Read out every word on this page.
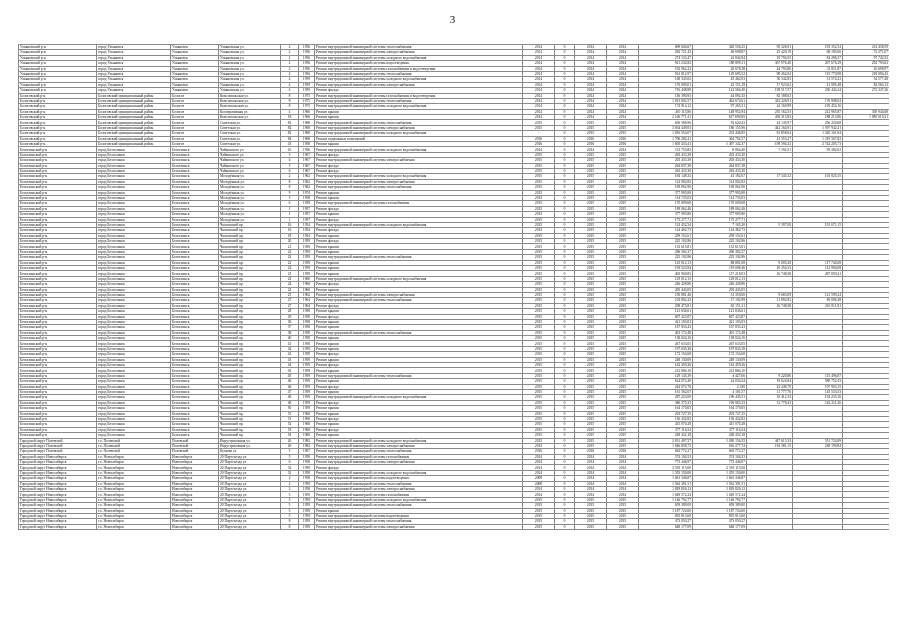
3
Ульяновский р-н	город Ульяновск	Ульяновск	Ульяновская ул.	2	1956	Ремонт внутридомовой инженерной системы теплоснабжения	2014	0	2014	2014	609 604,67	320 536,25	95 326,91	193 352,54	214 438,59
Ульяновский р-н	город Ульяновск	Ульяновск	Ульяновская ул.	2	1956	Ремонт внутридомовой инженерной системы электроснабжения	2014	0	2014	2014	282 721,43	48 698,87	25 420,19	68 185,66	72 271,07
Ульяновский р-н	город Ульяновск	Ульяновск	Ульяновская ул.	2	1956	Ремонт внутридомовой инженерной системы холодного водоснабжения	2014	0	2014	2014	274 133,47	24 844,94	19 794,55	82 296,37	97 742,52
Ульяновский р-н	город Ульяновск	Ульяновск	Ульяновская ул.	2	1956	Ремонт внутридомовой инженерной системы водоотведения	2014	0	2014	2014	921 232,82	180 809,11	307 976,40	207 676,29	292 793,02
Ульяновский р-н	город Ульяновск	Ульяновск	Ульяновская ул.	2	1956	Ремонт внутридомовой инженерной системы газоснабжения и водоотведения	2014	0	2014	2014	192 962,23	20 678,38	44 793,86	31 811,87	16 698,97
Ульяновский р-н	город Ульяновск	Ульяновск	Ульяновская ул.	2	1956	Ремонт внутридомовой инженерной системы теплоснабжения	2014	0	2014	2014	561 812,97	129 685,52	98 262,04	115 770,98	218 094,43
Ульяновский р-н	город Ульяновск	Ульяновск	Ульяновская ул.	4	1959	Ремонт внутридомовой инженерной системы холодного водоснабжения	2014	0	2014	2014	168 345,02	45 462,03	30 342,83	31 574,23	54 577,48
Ульяновский р-н	город Ульяновск	Ульяновск	Ульяновская ул.	4	1959	Ремонт внутридомовой инженерной системы электроснабжения	2014	0	2014	2014	176 000,01	42 151,29	17 923,62	41 985,48	84 564,12
Ульяновский р-н	город Ульяновск	Ульяновск	Ульяновская ул.	4	1959	Ремонт фасада	2014	0	2014	2014	716 448,88	122 566,40	109 517,57	230 442,24	272 347,26
Бологовский р-н	Бологовский муниципальный район	Бологое	Комсомольская ул.	8	1975	Ремонт внутридомовой инженерной системы газоснабжения и водоотведения	2014	0	2014	2014	156 390,93	44 092,45	82 188,02		
Бологовский р-н	Бологовский муниципальный район	Бологое	Комсомольская ул.	8	1975	Ремонт внутридомовой инженерной системы теплоснабжения	2014	0	2014	2014	1 013 802,57	462 674,61	343 326,91	176 908,02	
Бологовский р-н	Бологовский муниципальный район	Бологое	Комсомольская ул.	8	1975	Ремонт внутридомовой инженерной системы холодного водоснабжения	2014	0	2014	2014	174 914,12	97 265,31	42 160,99	105 454,16	
Бологовский р-н	Бологовский муниципальный район	Бологое	Кооперативная ул.	4	1966	Ремонт крыши	2014	0	2014	2014	410 115,86	148 952,94	235 162,53	212 965,87	350 944,68
Бологовский р-н	Бологовский муниципальный район	Бологое	Комсомольская ул.	18	1966	Ремонт крыши	2014	0	2014	2014	2 166 771,41	617 690,85	439 315,83	188 215,86	1 085 610,21
Бологовский р-н	Бологовский муниципальный район	Бологое	Советская ул.	82	1968	Ремонт внутридомовой инженерной системы теплоснабжения	2015	0	2015	2015	630 396,96	92 620,43	43 145,97	256 220,68	
Бологовский р-н	Бологовский муниципальный район	Бологое	Советская ул.	82	1968	Ремонт внутридомовой инженерной системы электроснабжения	2015	0	2015	2015	3 034 449,03	186 155,96	442 164,91	1 597 942,41	
Бологовский р-н	Бологовский муниципальный район	Бологое	Советская ул.	82	1968	Ремонт внутридомовой инженерной системы холодного водоснабжения	-	0	2015	2015	1 816 554,07	233 446,85	81 858,04	1 320 161,84	
Бологовский р-н	Бологовский муниципальный район	Бологое	Советская ул.	82	1968	Ремонт подвальных помещений	2016	0	2016	2016	1 796 282,41	364 702,57	41 353,27	1 319 567,82	
Бологовский р-н	Бологовский муниципальный район	Бологое	Советская ул.	43	1958	Ремонт крыши	2016	0	2016	2016	1 605 433,41	1 497 342,37	109 594,32	2 742 205,73	
Белоглинский р-н	город Белоглинск	Белоглинск	Чайковского ул.	16	1956	Ремонт внутридомовой инженерной системы холодного водоснабжения	2014	0	2014	2014	113 753,82	8 864,40	7 192,51	95 382,02	
Белоглинский р-н	город Белоглинск	Белоглинск	Чайковского ул.	3	1967	Ремонт фасада	2015	0	2015	2015	263 433,30	263 433,30			
Белоглинский р-н	город Белоглинск	Белоглинск	Чайковского ул.	4	1967	Ремонт внутридомовой инженерной системы электроснабжения	2015	0	2015	2015	203 433,30	203 433,30			
Белоглинский р-н	город Белоглинск	Белоглинск	Чайковского ул.	5	1967	Ремонт фасада	2015	0	2015	2015	264 837,38	264 837,38			
Белоглинский р-н	город Белоглинск	Белоглинск	Чайковского ул.	6	1967	Ремонт фасада	2015	0	2015	2015	263 433,30	263 433,30			
Белоглинский р-н	город Белоглинск	Белоглинск	Молодёжная ул.	2	1962	Ремонт внутридомовой инженерной системы холодного водоснабжения	2015	0	2015	2015	184 148,35	43 182,67	17 345,32	103 825,35	
Белоглинский р-н	город Белоглинск	Белоглинск	Молодёжная ул.	8	1962	Ремонт внутридомовой инженерной системы электроснабжения	2015	0	2015	2015	114 002,82	114 002,82			
Белоглинский р-н	город Белоглинск	Белоглинск	Молодёжная ул.	8	1962	Ремонт внутридомовой инженерной системы теплоснабжения	2015	0	2015	2015	169 062,96	169 062,96			
Белоглинский р-н	город Белоглинск	Белоглинск	Молодёжная ул.	9	1974	Ремонт крыши	2015	0	2015	2015	377 905,80	377 905,80			
Белоглинский р-н	город Белоглинск	Белоглинск	Молодёжная ул.	3	1958	Ремонт крыши	2015	0	2015	2015	114 735,03	114 735,03			
Белоглинский р-н	город Белоглинск	Белоглинск	Молодёжная ул.	6	1958	Ремонт внутридомовой инженерной системы газоснабжения	2015	0	2015	2015	170 009,68	170 009,68			
Белоглинский р-н	город Белоглинск	Белоглинск	Молодёжная ул.	1	1957	Ремонт фасада	2015	0	2015	2015	189 062,46	189 062,46			
Белоглинский р-н	город Белоглинск	Белоглинск	Молодёжная ул.	1	1957	Ремонт крыши	2015	0	2015	2015	377 905,80	377 905,80			
Белоглинский р-н	город Белоглинск	Белоглинск	Молодёжная ул.	1	1957	Ремонт фасада	2015	0	2015	2015	175 277,71	175 277,71			
Белоглинский р-н	город Белоглинск	Белоглинск	Чкаловский пр.	16	1954	Ремонт внутридомовой инженерной системы холодного водоснабжения	2015	0	2015	2015	114 452,54	7 165,20	5 397,00	101 671,15	
Белоглинский р-н	город Белоглинск	Белоглинск	Чкаловский пр.	16	1954	Ремонт фасада	2015	0	2015	2015	124 462,73	124 462,73			
Белоглинский р-н	город Белоглинск	Белоглинск	Чкаловский пр.	18	1954	Ремонт крыши	2015	0	2015	2015	259 152,61	259 152,61			
Белоглинский р-н	город Белоглинск	Белоглинск	Чкаловский пр.	20	1959	Ремонт фасада	2015	0	2015	2015	225 102,86	225 102,86			
Белоглинский р-н	город Белоглинск	Белоглинск	Чкаловский пр.	21	1959	Ремонт крыши	2015	0	2015	2015	133 615,81	133 615,81			
Белоглинский р-н	город Белоглинск	Белоглинск	Чкаловский пр.	22	1959	Ремонт крыши	2015	0	2015	2015	296 382,37	296 382,37			
Белоглинский р-н	город Белоглинск	Белоглинск	Чкаловский пр.	22	1959	Ремонт внутридомовой инженерной системы теплоснабжения	2015	0	2015	2015	225 102,86	225 102,86			
Белоглинский р-н	город Белоглинск	Белоглинск	Чкаловский пр.	22	1959	Ремонт крыши	2015	0	2015	2015	125 012,13	88 801,08	9 005,20	117 744,68	
Белоглинский р-н	город Белоглинск	Белоглинск	Чкаловский пр.	22	1959	Ремонт крыши	2015	0	2015	2015	193 523,94	119 008,46	16 254,33	112 994,08	
Белоглинский р-н	город Белоглинск	Белоглинск	Чкаловский пр.	23	1959	Ремонт крыши	2015	0	2015	2015	403 960,85	117 218,03	16 748,38	287 059,41	
Белоглинский р-н	город Белоглинск	Белоглинск	Чкаловский пр.	24	1960	Ремонт внутридомовой инженерной системы холодного водоснабжения	2015	0	2015	2015	129 012,13	129 012,13			
Белоглинский р-н	город Белоглинск	Белоглинск	Чкаловский пр.	24	1960	Ремонт фасада	2015	0	2015	2015	246 428,86	246 428,86			
Белоглинский р-н	город Белоглинск	Белоглинск	Чкаловский пр.	24	1960	Ремонт крыши	2015	0	2015	2015	205 443,05	205 443,05			
Белоглинский р-н	город Белоглинск	Белоглинск	Чкаловский пр.	25	1962	Ремонт внутридомовой инженерной системы электроснабжения	2015	0	2015	2015	150 881,46	31 350,00	9 683,09	121 599,24	
Белоглинский р-н	город Белоглинск	Белоглинск	Чкаловский пр.	27	1964	Ремонт внутридомовой инженерной системы теплоснабжения	2015	0	2015	2015	103 802,23	17 102,99	11 892,82	49 006,38	
Белоглинский р-н	город Белоглинск	Белоглинск	Чкаловский пр.	27	1964	Ремонт фасада	2015	0	2015	2015	258 475,81	65 151,31	16 748,38	216 911,81	
Белоглинский р-н	город Белоглинск	Белоглинск	Чкаловский пр.	28	1958	Ремонт крыши	2015	0	2015	2015	121 636,61	121 636,61			
Белоглинский р-н	город Белоглинск	Белоглинск	Чкаловский пр.	29	1958	Ремонт фасада	2015	0	2015	2015	607 423,87	607 423,87			
Белоглинский р-н	город Белоглинск	Белоглинск	Чкаловский пр.	30	1958	Ремонт крыши	2015	0	2015	2015	421 103,03	421 103,03			
Белоглинский р-н	город Белоглинск	Белоглинск	Чкаловский пр.	37	1958	Ремонт крыши	2015	0	2015	2015	167 833,43	167 833,43			
Белоглинский р-н	город Белоглинск	Белоглинск	Чкаловский пр.	38	1958	Ремонт внутридомовой инженерной системы теплоснабжения	2015	0	2015	2015	401 172,48	401 172,48			
Белоглинский р-н	город Белоглинск	Белоглинск	Чкаловский пр.	40	1958	Ремонт крыши	2015	0	2015	2015	138 024,16	138 024,16			
Белоглинский р-н	город Белоглинск	Белоглинск	Чкаловский пр.	41	1958	Ремонт крыши	2015	0	2015	2015	267 633,05	267 633,05			
Белоглинский р-н	город Белоглинск	Белоглинск	Чкаловский пр.	42	1959	Ремонт крыши	2015	0	2015	2015	197 845,38	197 845,38			
Белоглинский р-н	город Белоглинск	Белоглинск	Чкаловский пр.	42	1959	Ремонт фасада	2015	0	2015	2015	172 154,68	172 154,68			
Белоглинский р-н	город Белоглинск	Белоглинск	Чкаловский пр.	43	1959	Ремонт крыши	2015	0	2015	2015	248 130,09	248 130,09			
Белоглинский р-н	город Белоглинск	Белоглинск	Чкаловский пр.	44	1959	Ремонт фасада	2015	0	2015	2015	162 459,26	162 459,26			
Белоглинский р-н	город Белоглинск	Белоглинск	Чкаловский пр.	45	1959	Ремонт крыши	2015	0	2015	2015	212 884,10	212 884,10			
Белоглинский р-н	город Белоглинск	Белоглинск	Чкаловский пр.	45	1959	Ремонт внутридомовой инженерной системы теплоснабжения	2015	0	2015	2015	129 145,39	4 427,66	9 220,86	115 496,87	
Белоглинский р-н	город Белоглинск	Белоглинск	Чкаловский пр.	46	1959	Ремонт крыши	2015	0	2015	2015	624 072,40	24 034,24	19 624,84	580 752,43	
Белоглинский р-н	город Белоглинск	Белоглинск	Чкаловский пр.	46	1959	Ремонт фасада	2015	0	2015	2015	244 072,76	2 330	22 446,79	197 903,15	
Белоглинский р-н	город Белоглинск	Белоглинск	Чкаловский пр.	47	1959	Ремонт крыши	2015	0	2015	2015	161 562,67	4 101,57	11 777,76	145 533,53	
Белоглинский р-н	город Белоглинск	Белоглинск	Чкаловский пр.	48	1959	Ремонт внутридомовой инженерной системы холодного водоснабжения	2015	0	2015	2015	287 223,00	196 445,51	10 412,33	102 233,16	
Белоглинский р-н	город Белоглинск	Белоглинск	Чкаловский пр.	48	1959	Ремонт фасада	2015	0	2015	2015	386 375,33	196 965,33	12 778,43	142 211,26	
Белоглинский р-н	город Белоглинск	Белоглинск	Чкаловский пр.	50	1959	Ремонт крыши	2015	0	2015	2015	164 170,05	164 170,05			
Белоглинский р-н	город Белоглинск	Белоглинск	Чкаловский пр.	51	1960	Ремонт крыши	2015	0	2015	2015	203 727,35	203 727,35			
Белоглинский р-н	город Белоглинск	Белоглинск	Чкаловский пр.	51	1960	Ремонт фасада	2015	0	2015	2015	156 432,82	156 432,82			
Белоглинский р-н	город Белоглинск	Белоглинск	Чкаловский пр.	52	1960	Ремонт крыши	2015	0	2015	2015	415 070,28	415 070,28			
Белоглинский р-н	город Белоглинск	Белоглинск	Чкаловский пр.	53	1960	Ремонт фасада	2015	0	2015	2015	377 116,54	377 116,54			
Белоглинский р-н	город Белоглинск	Белоглинск	Чкаловский пр.	54	1960	Ремонт крыши	2015	0	2015	2015	248 432,18	248 432,18			
Городской округ Полевской	г.о. Полевской	Полевской	Индустриальная ул.	26	1982	Ремонт внутридомовой инженерной системы холодного водоснабжения	2015	0	2015	2015	2 031 497,57	1 030 156,35	447 615,33	551 724,89	
Городской округ Полевской	г.о. Полевской	Полевской	Индустриальная ул.	26	1982	Ремонт внутридомовой инженерной системы электроснабжения	2015	0	2015	2015	1 046 858,73	616 277,74	192 381,15	238 199,84	
Городской округ Полевской	г.о. Полевской	Полевской	Кутяева ул.	3	1967	Ремонт внутридомовой инженерной системы теплоснабжения	2016	0	2016	2016	663 772,27	663 772,27			
Городской округ Новосибирск	г.о. Новосибирск	Новосибирск	20 Партсъезда ул.	5	1958	Ремонт внутридомовой инженерной системы газоснабжения	2014	0	2014	2014	374 104,53	374 104,53			
Городской округ Новосибирск	г.о. Новосибирск	Новосибирск	20 Партсъезда ул.	6	1958	Ремонт внутридомовой инженерной системы электроснабжения	2014	0	2014	2014	773 446,97	773 446,97			
Городской округ Новосибирск	г.о. Новосибирск	Новосибирск	20 Партсъезда ул.	32	1958	Ремонт фасада	2014	0	2014	2014	2 591 115,00	2 591 115,00			
Городской округ Новосибирск	г.о. Новосибирск	Новосибирск	20 Партсъезда ул.	32	1958	Ремонт внутридомовой инженерной системы холодного водоснабжения	2014	0	2014	2014	1 355 150,00	1 355 150,00			
Городской округ Новосибирск	г.о. Новосибирск	Новосибирск	20 Партсъезда ул.	2	1958	Ремонт внутридомовой инженерной системы водоотведения	2008	0	2014	2014	1 661 346,87	1 661 346,87			
Городской округ Новосибирск	г.о. Новосибирск	Новосибирск	20 Партсъезда ул.	2	1958	Ремонт внутридомовой инженерной системы теплоснабжения	2008	0	2014	2014	1 562 391,51	1 562 391,51			
Городской округ Новосибирск	г.о. Новосибирск	Новосибирск	20 Партсъезда ул.	2	1958	Ремонт внутридомовой инженерной системы электроснабжения	2014	0	2014	2014	1 829 826,12	1 829 826,12			
Городской округ Новосибирск	г.о. Новосибирск	Новосибирск	20 Партсъезда ул.	5	1959	Ремонт внутридомовой инженерной системы газоснабжения	2014	0	2014	2014	1 049 572,24	1 049 572,24			
Городской округ Новосибирск	г.о. Новосибирск	Новосибирск	20 Партсъезда ул.	5	1959	Ремонт внутридомовой инженерной системы холодного водоснабжения	2015	0	2015	2015	1 146 792,77	1 146 792,77			
Городской округ Новосибирск	г.о. Новосибирск	Новосибирск	20 Партсъезда ул.	5	1959	Ремонт внутридомовой инженерной системы теплоснабжения	2015	0	2015	2015	659 389,00	659 389,00			
Городской округ Новосибирск	г.о. Новосибирск	Новосибирск	20 Партсъезда ул.	5	1959	Ремонт крыши	2015	0	2015	2015	1 187 724,60	1 187 724,60			
Городской округ Новосибирск	г.о. Новосибирск	Новосибирск	20 Партсъезда ул.	5	1959	Ремонт внутридомовой инженерной системы водоотведения	2015	0	2015	2015	855 813,60	855 813,60			
Городской округ Новосибирск	г.о. Новосибирск	Новосибирск	20 Партсъезда ул.	8	1959	Ремонт внутридомовой инженерной системы теплоснабжения	2015	0	2015	2015	473 050,27	473 050,27			
Городской округ Новосибирск	г.о. Новосибирск	Новосибирск	20 Партсъезда ул.	8	1959	Ремонт внутридомовой инженерной системы электроснабжения	2015	0	2015	2015	648 177,09	648 177,09			
